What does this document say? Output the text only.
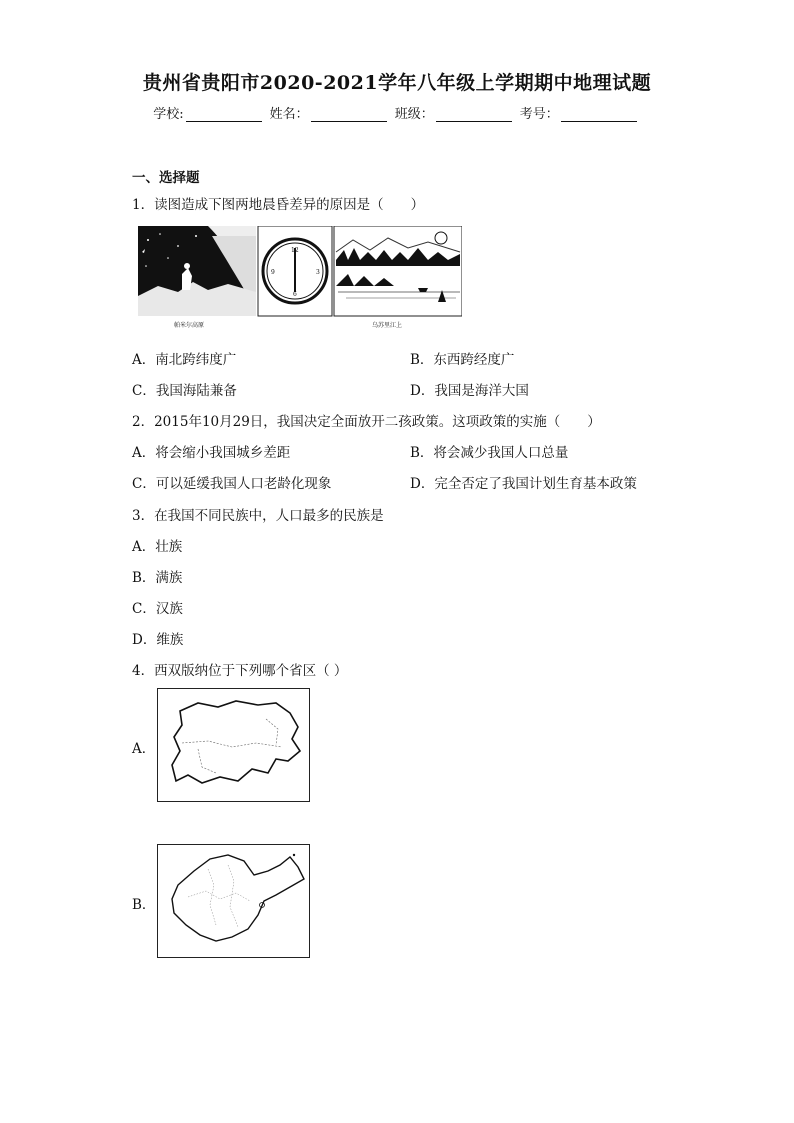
贵州省贵阳市2020-2021学年八年级上学期期中地理试题
学校:	姓名：	班级：	考号：
一、选择题
1．读图造成下图两地晨昏差异的原因是（　　）
12
6
9	3
帕米尔高原	乌苏里江上
A．南北跨纬度广	B．东西跨经度广
C．我国海陆兼备	D．我国是海洋大国
2．2015年10月29日，我国决定全面放开二孩政策。这项政策的实施（　　）
A．将会缩小我国城乡差距	B．将会减少我国人口总量
C．可以延缓我国人口老龄化现象	D．完全否定了我国计划生育基本政策
3．在我国不同民族中，人口最多的民族是
A．壮族
B．满族
C．汉族
D．维族
4．西双版纳位于下列哪个省区（ ）
A．
B．
